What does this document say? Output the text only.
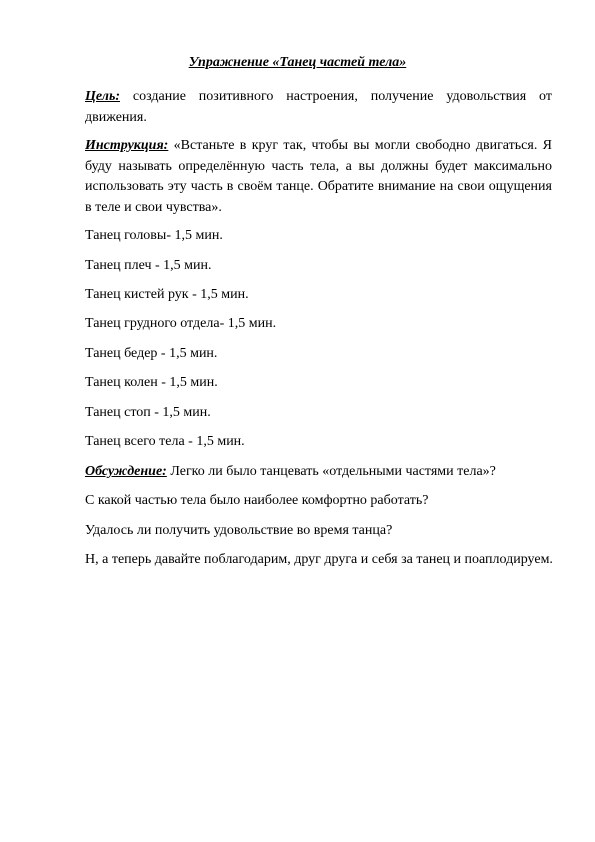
Упражнение «Танец частей тела»

Цель: создание позитивного настроения, получение удовольствия от движения.

Инструкция: «Встаньте в круг так, чтобы вы могли свободно двигаться. Я буду называть определённую часть тела, а вы должны будет максимально использовать эту часть в своём танце. Обратите внимание на свои ощущения в теле и свои чувства».

Танец головы- 1,5 мин.

Танец плеч - 1,5 мин.

Танец кистей рук - 1,5 мин.

Танец грудного отдела- 1,5 мин.

Танец бедер - 1,5 мин.

Танец колен - 1,5 мин.

Танец стоп - 1,5 мин.

Танец всего тела - 1,5 мин.

Обсуждение: Легко ли было танцевать «отдельными частями тела»?

С какой частью тела было наиболее комфортно работать?

Удалось ли получить удовольствие во время танца?

Н, а теперь давайте поблагодарим, друг друга и себя за танец и поаплодируем.
